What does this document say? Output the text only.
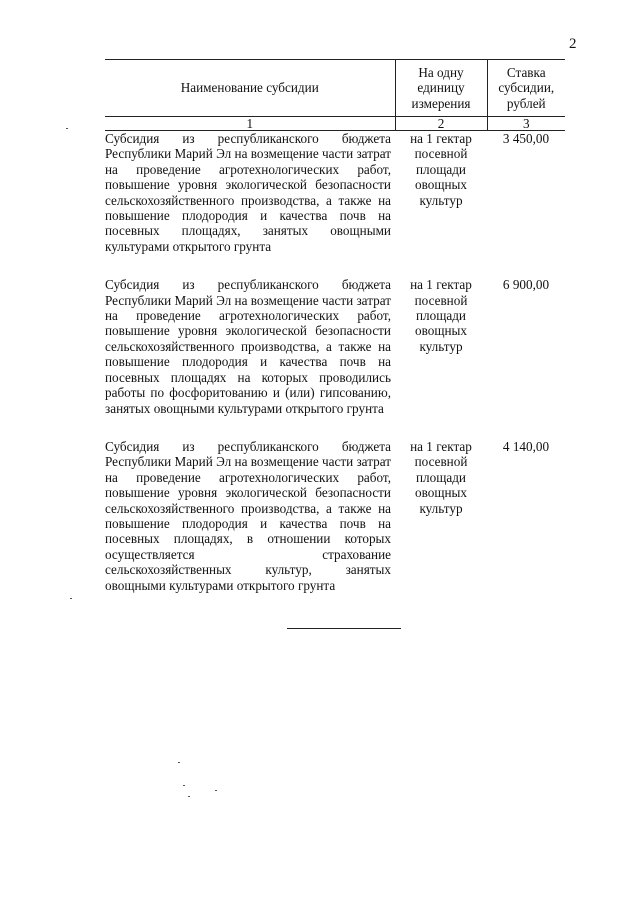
2
Наименование субсидии	На одну единицу измерения	Ставка субсидии, рублей
1	2	3
Субсидия из республиканского бюджета Республики Марий Эл на возмещение части затрат на проведение агротехнологических работ, повышение уровня экологической безопасности сельскохозяйственного производства, а также на повышение плодородия и качества почв на посевных площадях, занятых овощными культурами открытого грунта	на 1 гектар посевной площади овощных культур	3 450,00
Субсидия из республиканского бюджета Республики Марий Эл на возмещение части затрат на проведение агротехнологических работ, повышение уровня экологической безопасности сельскохозяйственного производства, а также на повышение плодородия и качества почв на посевных площадях на которых проводились работы по фосфоритованию и (или) гипсованию, занятых овощными культурами открытого грунта	на 1 гектар посевной площади овощных культур	6 900,00
Субсидия из республиканского бюджета Республики Марий Эл на возмещение части затрат на проведение агротехнологических работ, повышение уровня экологической безопасности сельскохозяйственного производства, а также на повышение плодородия и качества почв на посевных площадях, в отношении которых осуществляется страхование сельскохозяйственных культур, занятых овощными культурами открытого грунта	на 1 гектар посевной площади овощных культур	4 140,00
